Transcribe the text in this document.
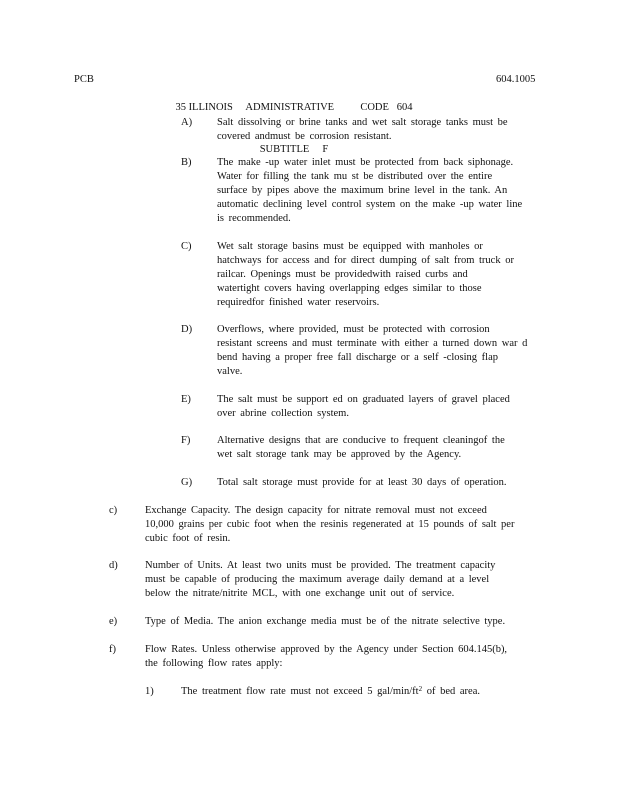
PCB

35 ILLINOIS     ADMINISTRATIVE          CODE   604

SUBTITLE     F

604.1005
A)	Salt dissolving or brine tanks and wet salt storage tanks must be
covered andmust be corrosion resistant.
B)	The make -up water inlet must be protected from back siphonage.
Water for filling the tank mu st be distributed over the entire
surface by pipes above the maximum brine level in the tank. An
automatic declining level control system on the make -up water line
is recommended.
C)	Wet salt storage basins must be equipped with manholes or
hatchways for access and for direct dumping of salt from truck or
railcar. Openings must be providedwith raised curbs and
watertight covers having overlapping edges similar to those
requiredfor finished water reservoirs.
D)	Overflows, where provided, must be protected with corrosion
resistant screens and must terminate with either a turned down war d
bend having a proper free fall discharge or a self -closing flap
valve.
E)	The salt must be support ed on graduated layers of gravel placed
over abrine collection system.
F)	Alternative designs that are conducive to frequent cleaningof the
wet salt storage tank may be approved by the Agency.
G)	Total salt storage must provide for at least 30 days of operation.
c)	Exchange Capacity. The design capacity for nitrate removal must not exceed
10,000 grains per cubic foot when the resinis regenerated at 15 pounds of salt per
cubic foot of resin.
d)	Number of Units. At least two units must be provided. The treatment capacity
must be capable of producing the maximum average daily demand at a level
below the nitrate/nitrite MCL, with one exchange unit out of service.
e)	Type of Media. The anion exchange media must be of the nitrate selective type.
f)	Flow Rates. Unless otherwise approved by the Agency under Section 604.145(b),
the following flow rates apply:
1)	The treatment flow rate must not exceed 5 gal/$\min/ft^2$ of bed area.
